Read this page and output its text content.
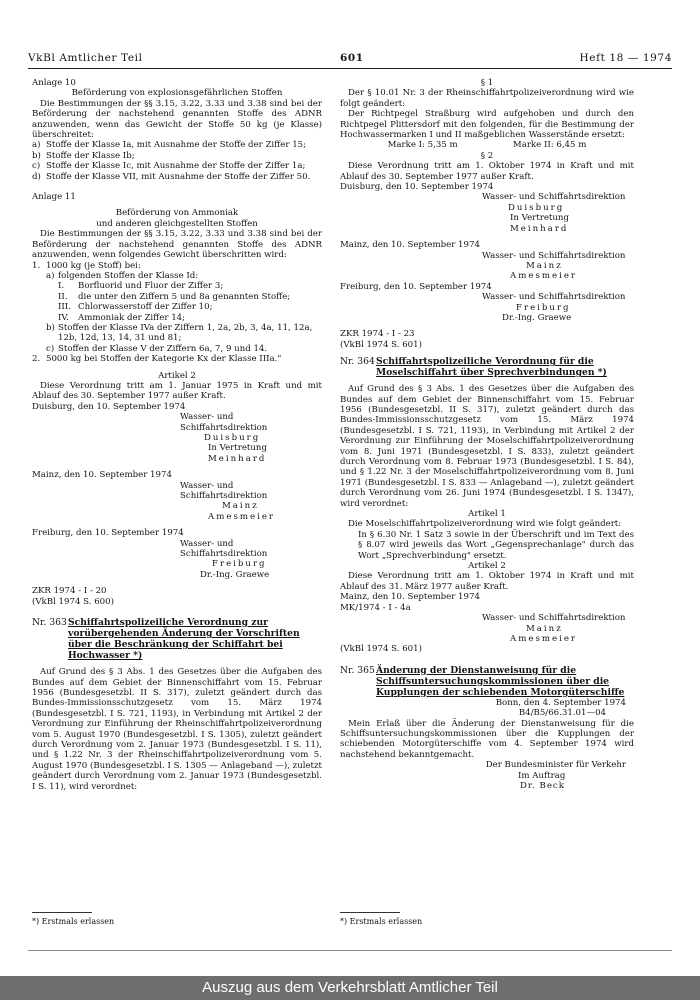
VkBl Amtlicher Teil	601	Heft 18 — 1974
Anlage 10
Beförderung von explosionsgefährlichen Stoffen
Die Bestimmungen der §§ 3.15, 3.22, 3.33 und 3.38 sind bei der Beförderung der nachstehend genannten Stoffe des ADNR anzuwenden, wenn das Gewicht der Stoffe 50 kg (je Klasse) überschreitet:
a) Stoffe der Klasse Ia, mit Ausnahme der Stoffe der Ziffer 15;
b) Stoffe der Klasse Ib;
c) Stoffe der Klasse Ic, mit Ausnahme der Stoffe der Ziffer 1a;
d) Stoffe der Klasse VII, mit Ausnahme der Stoffe der Ziffer 50.
Anlage 11
Beförderung von Ammoniak
und anderen gleichgestellten Stoffen
Die Bestimmungen der §§ 3.15, 3.22, 3.33 und 3.38 sind bei der Beförderung der nachstehend genannten Stoffe des ADNR anzuwenden, wenn folgendes Gewicht überschritten wird:
1. 1000 kg (je Stoff) bei:
a) folgenden Stoffen der Klasse Id:
I.	Borfluorid und Fluor der Ziffer 3;
II.	die unter den Ziffern 5 und 8a genannten Stoffe;
III. Chlorwasserstoff der Ziffer 10;
IV.	Ammoniak der Ziffer 14;
b) Stoffen der Klasse IVa der Ziffern 1, 2a, 2b, 3, 4a, 11, 12a, 12b, 12d, 13, 14, 31 und 81;
c) Stoffen der Klasse V der Ziffern 6a, 7, 9 und 14.
2. 5000 kg bei Stoffen der Kategorie Kx der Klasse IIIa."
Artikel 2
Diese Verordnung tritt am 1. Januar 1975 in Kraft und mit Ablauf des 30. September 1977 außer Kraft.
Duisburg, den 10. September 1974
Wasser- und Schiffahrtsdirektion
Duisburg
In Vertretung
Meinhard
Mainz, den 10. September 1974
Wasser- und Schiffahrtsdirektion
Mainz
Amesmeier
Freiburg, den 10. September 1974
Wasser- und Schiffahrtsdirektion
Freiburg
Dr.-Ing. Graewe
ZKR 1974 - I - 20
(VkBl 1974 S. 600)
Nr. 363 Schiffahrtspolizeiliche Verordnung zur vorübergehenden Änderung der Vorschriften über die Beschränkung der Schiffahrt bei Hochwasser *)
Auf Grund des § 3 Abs. 1 des Gesetzes über die Aufgaben des Bundes auf dem Gebiet der Binnenschiffahrt vom 15. Februar 1956 (Bundesgesetzbl. II S. 317), zuletzt geändert durch das Bundes-Immissionsschutzgesetz vom 15. März 1974 (Bundesgesetzbl. I S. 721, 1193), in Verbindung mit Artikel 2 der Verordnung zur Einführung der Rheinschiffahrtpolizeiverordnung vom 5. August 1970 (Bundesgesetzbl. I S. 1305), zuletzt geändert durch Verordnung vom 2. Januar 1973 (Bundesgesetzbl. I S. 11), und § 1.22 Nr. 3 der Rheinschiffahrtpolizeiverordnung vom 5. August 1970 (Bundesgesetzbl. I S. 1305 — Anlageband —), zuletzt geändert durch Verordnung vom 2. Januar 1973 (Bundesgesetzbl. I S. 11), wird verordnet:
§ 1
Der § 10.01 Nr. 3 der Rheinschiffahrtpolizeiverordnung wird wie folgt geändert:
Der Richtpegel Straßburg wird aufgehoben und durch den Richtpegel Plittersdorf mit den folgenden, für die Bestimmung der Hochwassermarken I und II maßgeblichen Wasserstände ersetzt:
Marke I: 5,35 m	Marke II: 6,45 m
§ 2
Diese Verordnung tritt am 1. Oktober 1974 in Kraft und mit Ablauf des 30. September 1977 außer Kraft.
Duisburg, den 10. September 1974
Wasser- und Schiffahrtsdirektion
Duisburg
In Vertretung
Meinhard
Mainz, den 10. September 1974
Wasser- und Schiffahrtsdirektion
Mainz
Amesmeier
Freiburg, den 10. September 1974
Wasser- und Schiffahrtsdirektion
Freiburg
Dr.-Ing. Graewe
ZKR 1974 - I - 23
(VkBl 1974 S. 601)
Nr. 364 Schiffahrtspolizeiliche Verordnung für die Moselschiffahrt über Sprechverbindungen *)
Auf Grund des § 3 Abs. 1 des Gesetzes über die Aufgaben des Bundes auf dem Gebiet der Binnenschiffahrt vom 15. Februar 1956 (Bundesgesetzbl. II S. 317), zuletzt geändert durch das Bundes-Immissionsschutzgesetz vom 15. März 1974 (Bundesgesetzbl. I S. 721, 1193), in Verbindung mit Artikel 2 der Verordnung zur Einführung der Moselschiffahrtpolizeiverordnung vom 8. Juni 1971 (Bundesgesetzbl. I S. 833), zuletzt geändert durch Verordnung vom 8. Februar 1973 (Bundesgesetzbl. I S. 84), und § 1.22 Nr. 3 der Moselschiffahrtpolizeiverordnung vom 8. Juni 1971 (Bundesgesetzbl. I S. 833 — Anlageband —), zuletzt geändert durch Verordnung vom 26. Juni 1974 (Bundesgesetzbl. I S. 1347), wird verordnet:
Artikel 1
Die Moselschiffahrtpolizeiverordnung wird wie folgt geändert:
In § 6.30 Nr. 1 Satz 3 sowie in der Überschrift und im Text des § 8.07 wird jeweils das Wort „Gegensprechanlage" durch das Wort „Sprechverbindung" ersetzt.
Artikel 2
Diese Verordnung tritt am 1. Oktober 1974 in Kraft und mit Ablauf des 31. März 1977 außer Kraft.
Mainz, den 10. September 1974
MK/1974 - I - 4a
Wasser- und Schiffahrtsdirektion
Mainz
Amesmeier
(VkBl 1974 S. 601)
Nr. 365 Änderung der Dienstanweisung für die Schiffsuntersuchungskommissionen über die Kupplungen der schiebenden Motorgüterschiffe
Bonn, den 4. September 1974
B4/B5/66.31.01—04
Mein Erlaß über die Änderung der Dienstanweisung für die Schiffsuntersuchungskommissionen über die Kupplungen der schiebenden Motorgüterschiffe vom 4. September 1974 wird nachstehend bekanntgemacht.
Der Bundesminister für Verkehr
Im Auftrag
Dr. Beck
*) Erstmals erlassen	*) Erstmals erlassen
Auszug aus dem Verkehrsblatt Amtlicher Teil
